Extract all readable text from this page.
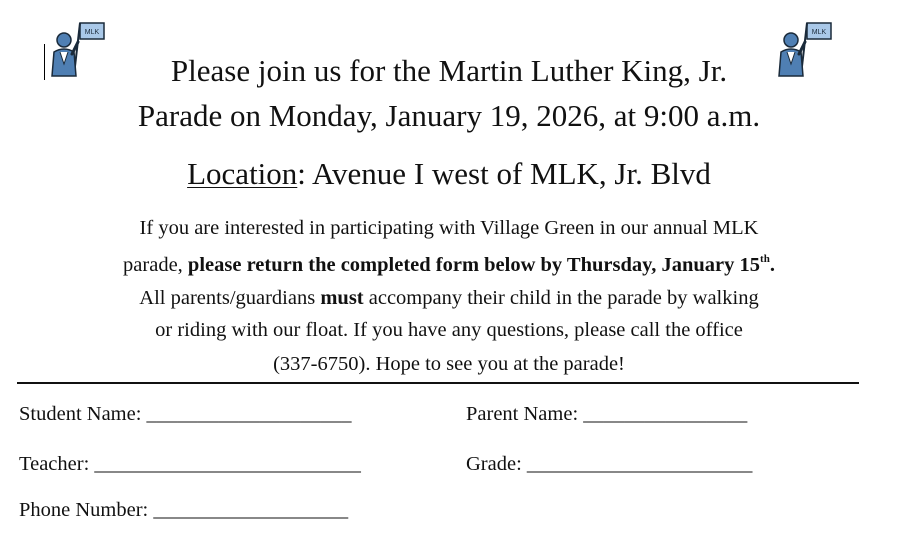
MLK	MLK
Please join us for the Martin Luther King, Jr.
Parade on Monday, January 19, 2026, at 9:00 a.m.
Location: Avenue I west of MLK, Jr. Blvd
If you are interested in participating with Village Green in our annual MLK
parade, please return the completed form below by Thursday, January 15th.
All parents/guardians must accompany their child in the parade by walking
or riding with our float. If you have any questions, please call the office
(337-6750). Hope to see you at the parade!
Student Name: ____________________	Parent Name: ________________
Teacher: __________________________	Grade: ______________________
Phone Number: ___________________
